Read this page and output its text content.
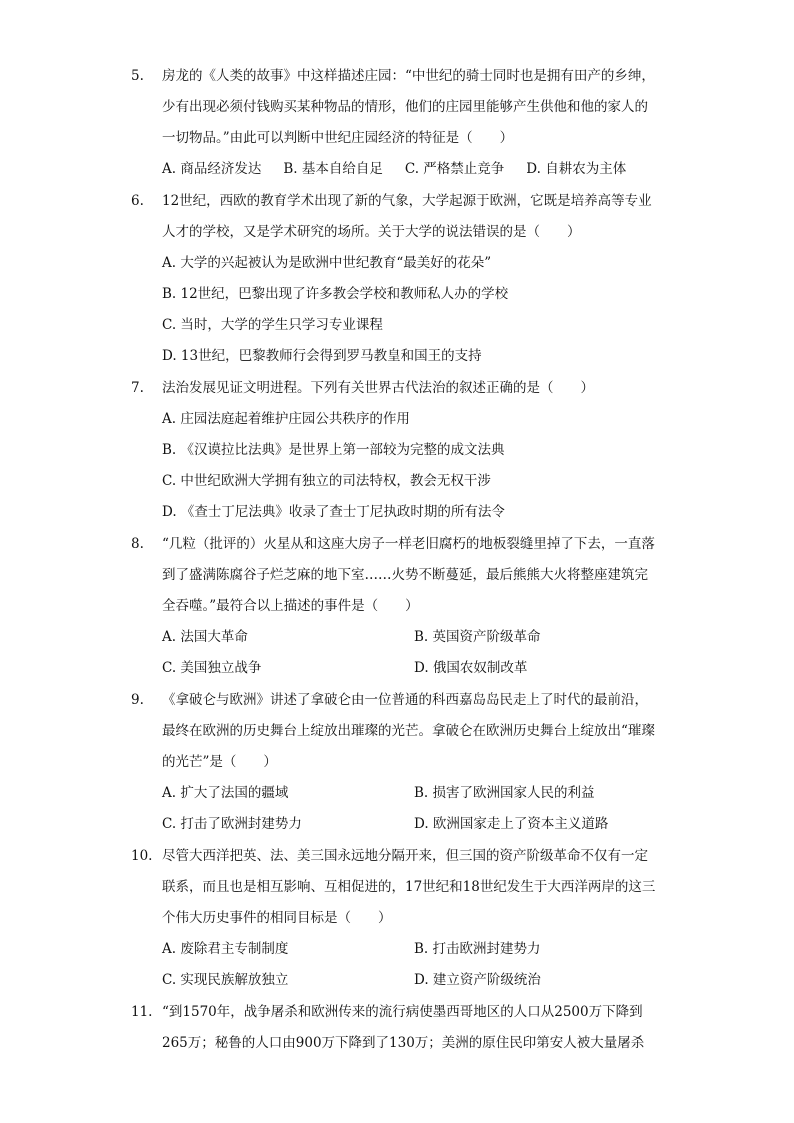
5. 房龙的《人类的故事》中这样描述庄园：“中世纪的骑士同时也是拥有田产的乡绅，少有出现必须付钱购买某种物品的情形，他们的庄园里能够产生供他和他的家人的一切物品。”由此可以判断中世纪庄园经济的特征是（　　）
A. 商品经济发达 B. 基本自给自足 C. 严格禁止竞争 D. 自耕农为主体
6. 12世纪，西欧的教育学术出现了新的气象，大学起源于欧洲，它既是培养高等专业人才的学校，又是学术研究的场所。关于大学的说法错误的是（　　）
A. 大学的兴起被认为是欧洲中世纪教育“最美好的花朵”
B. 12世纪，巴黎出现了许多教会学校和教师私人办的学校
C. 当时，大学的学生只学习专业课程
D. 13世纪，巴黎教师行会得到罗马教皇和国王的支持
7. 法治发展见证文明进程。下列有关世界古代法治的叙述正确的是（　　）
A. 庄园法庭起着维护庄园公共秩序的作用
B. 《汉谟拉比法典》是世界上第一部较为完整的成文法典
C. 中世纪欧洲大学拥有独立的司法特权，教会无权干涉
D. 《查士丁尼法典》收录了查士丁尼执政时期的所有法令
8. “几粒（批评的）火星从和这座大房子一样老旧腐朽的地板裂缝里掉了下去，一直落到了盛满陈腐谷子烂芝麻的地下室……火势不断蔓延，最后熊熊大火将整座建筑完全吞噬。”最符合以上描述的事件是（　　）
A. 法国大革命	B. 英国资产阶级革命
C. 美国独立战争	D. 俄国农奴制改革
9. 《拿破仑与欧洲》讲述了拿破仑由一位普通的科西嘉岛岛民走上了时代的最前沿，最终在欧洲的历史舞台上绽放出璀璨的光芒。拿破仑在欧洲历史舞台上绽放出“璀璨的光芒”是（　　）
A. 扩大了法国的疆域	B. 损害了欧洲国家人民的利益
C. 打击了欧洲封建势力	D. 欧洲国家走上了资本主义道路
10. 尽管大西洋把英、法、美三国永远地分隔开来，但三国的资产阶级革命不仅有一定联系，而且也是相互影响、互相促进的，17世纪和18世纪发生于大西洋两岸的这三个伟大历史事件的相同目标是（　　）
A. 废除君主专制制度	B. 打击欧洲封建势力
C. 实现民族解放独立	D. 建立资产阶级统治
11. “到1570年，战争屠杀和欧洲传来的流行病使墨西哥地区的人口从2500万下降到265万；秘鲁的人口由900万下降到了130万；美洲的原住民印第安人被大量屠杀
